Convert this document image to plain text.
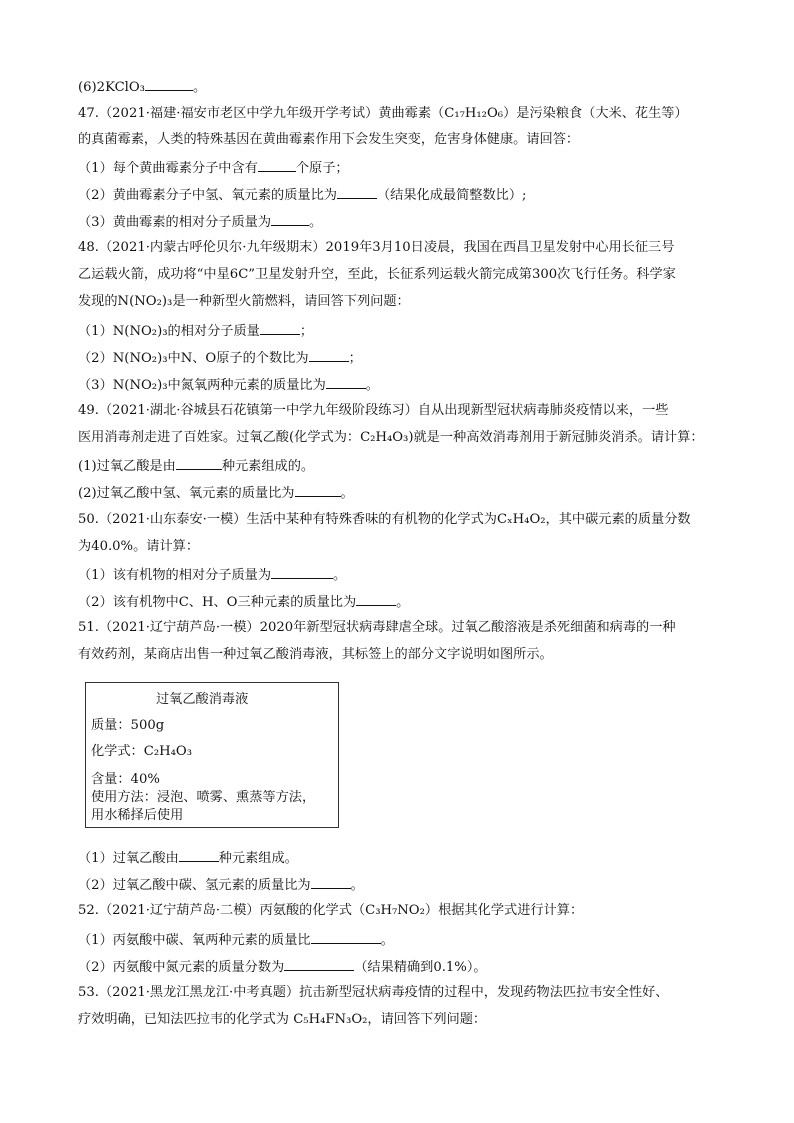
(6)2KClO₃	。
47.（2021·福建·福安市老区中学九年级开学考试）黄曲霉素（C₁₇H₁₂O₆）是污染粮食（大米、花生等）
的真菌霉素，人类的特殊基因在黄曲霉素作用下会发生突变，危害身体健康。请回答：
（1）每个黄曲霉素分子中含有	个原子；
（2）黄曲霉素分子中氢、氧元素的质量比为	（结果化成最简整数比）;
（3）黄曲霉素的相对分子质量为	。
48.（2021·内蒙古呼伦贝尔·九年级期末）2019年3月10日凌晨，我国在西昌卫星发射中心用长征三号
乙运载火箭，成功将“中星6C”卫星发射升空，至此，长征系列运载火箭完成第300次飞行任务。科学家
发现的N(NO₂)₃是一种新型火箭燃料，请回答下列问题：
（1）N(NO₂)₃的相对分子质量	；
（2）N(NO₂)₃中N、O原子的个数比为	；
（3）N(NO₂)₃中氮氧两种元素的质量比为	。
49.（2021·湖北·谷城县石花镇第一中学九年级阶段练习）自从出现新型冠状病毒肺炎疫情以来，一些
医用消毒剂走进了百姓家。过氧乙酸(化学式为：C₂H₄O₃)就是一种高效消毒剂用于新冠肺炎消杀。请计算：
(1)过氧乙酸是由	种元素组成的。
(2)过氧乙酸中氢、氧元素的质量比为	。
50.（2021·山东泰安·一模）生活中某种有特殊香味的有机物的化学式为CₓH₄O₂，其中碳元素的质量分数
为40.0%。请计算：
（1）该有机物的相对分子质量为	。
（2）该有机物中C、H、O三种元素的质量比为	。
51.（2021·辽宁葫芦岛·一模）2020年新型冠状病毒肆虐全球。过氧乙酸溶液是杀死细菌和病毒的一种
有效药剂，某商店出售一种过氧乙酸消毒液，其标签上的部分文字说明如图所示。
过氧乙酸消毒液
质量：500g
化学式：C₂H₄O₃
含量：40%
使用方法：浸泡、喷雾、熏蒸等方法，
用水稀择后使用
（1）过氧乙酸由	种元素组成。
（2）过氧乙酸中碳、氢元素的质量比为	。
52.（2021·辽宁葫芦岛·二模）丙氨酸的化学式（C₃H₇NO₂）根据其化学式进行计算：
（1）丙氨酸中碳、氧两种元素的质量比	。
（2）丙氨酸中氮元素的质量分数为	（结果精确到0.1%）。
53.（2021·黑龙江黑龙江·中考真题）抗击新型冠状病毒疫情的过程中，发现药物法匹拉韦安全性好、
疗效明确，已知法匹拉韦的化学式为 C₅H₄FN₃O₂，请回答下列问题：
